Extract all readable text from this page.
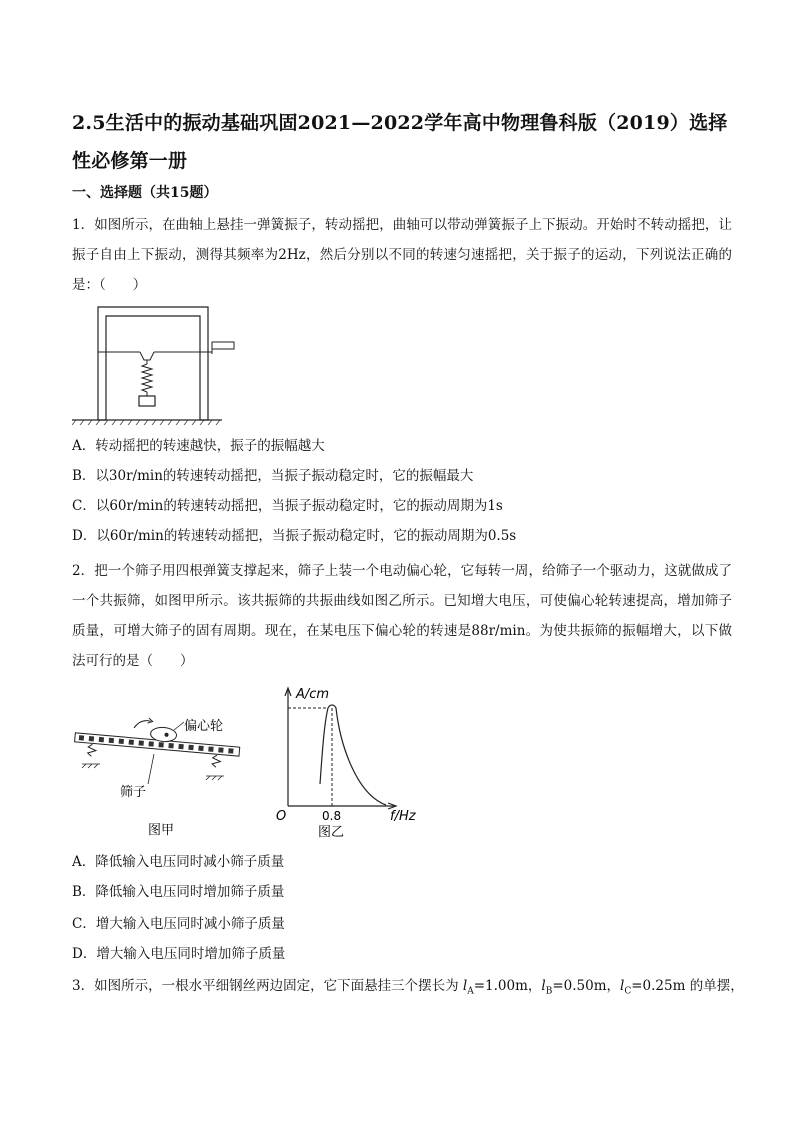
2.5生活中的振动基础巩固2021—2022学年高中物理鲁科版（2019）选择性必修第一册
一、选择题（共15题）
1．如图所示，在曲轴上悬挂一弹簧振子，转动摇把，曲轴可以带动弹簧振子上下振动。开始时不转动摇把，让振子自由上下振动，测得其频率为2Hz，然后分别以不同的转速匀速摇把，关于振子的运动，下列说法正确的是：（　　）
A．转动摇把的转速越快，振子的振幅越大
B．以30r/min的转速转动摇把，当振子振动稳定时，它的振幅最大
C．以60r/min的转速转动摇把，当振子振动稳定时，它的振动周期为1s
D．以60r/min的转速转动摇把，当振子振动稳定时，它的振动周期为0.5s
2．把一个筛子用四根弹簧支撑起来，筛子上装一个电动偏心轮，它每转一周，给筛子一个驱动力，这就做成了一个共振筛，如图甲所示。该共振筛的共振曲线如图乙所示。已知增大电压，可使偏心轮转速提高，增加筛子质量，可增大筛子的固有周期。现在，在某电压下偏心轮的转速是88r/min。为使共振筛的振幅增大，以下做法可行的是（　　）
偏心轮
筛子
图甲
A/cm
f/Hz
O	0.8
图乙
A．降低输入电压同时减小筛子质量
B．降低输入电压同时增加筛子质量
C．增大输入电压同时减小筛子质量
D．增大输入电压同时增加筛子质量
3．如图所示，一根水平细钢丝两边固定，它下面悬挂三个摆长为 $l_A=1.00m$，$l_B=0.50m$，$l_C=0.25m$ 的单摆，
